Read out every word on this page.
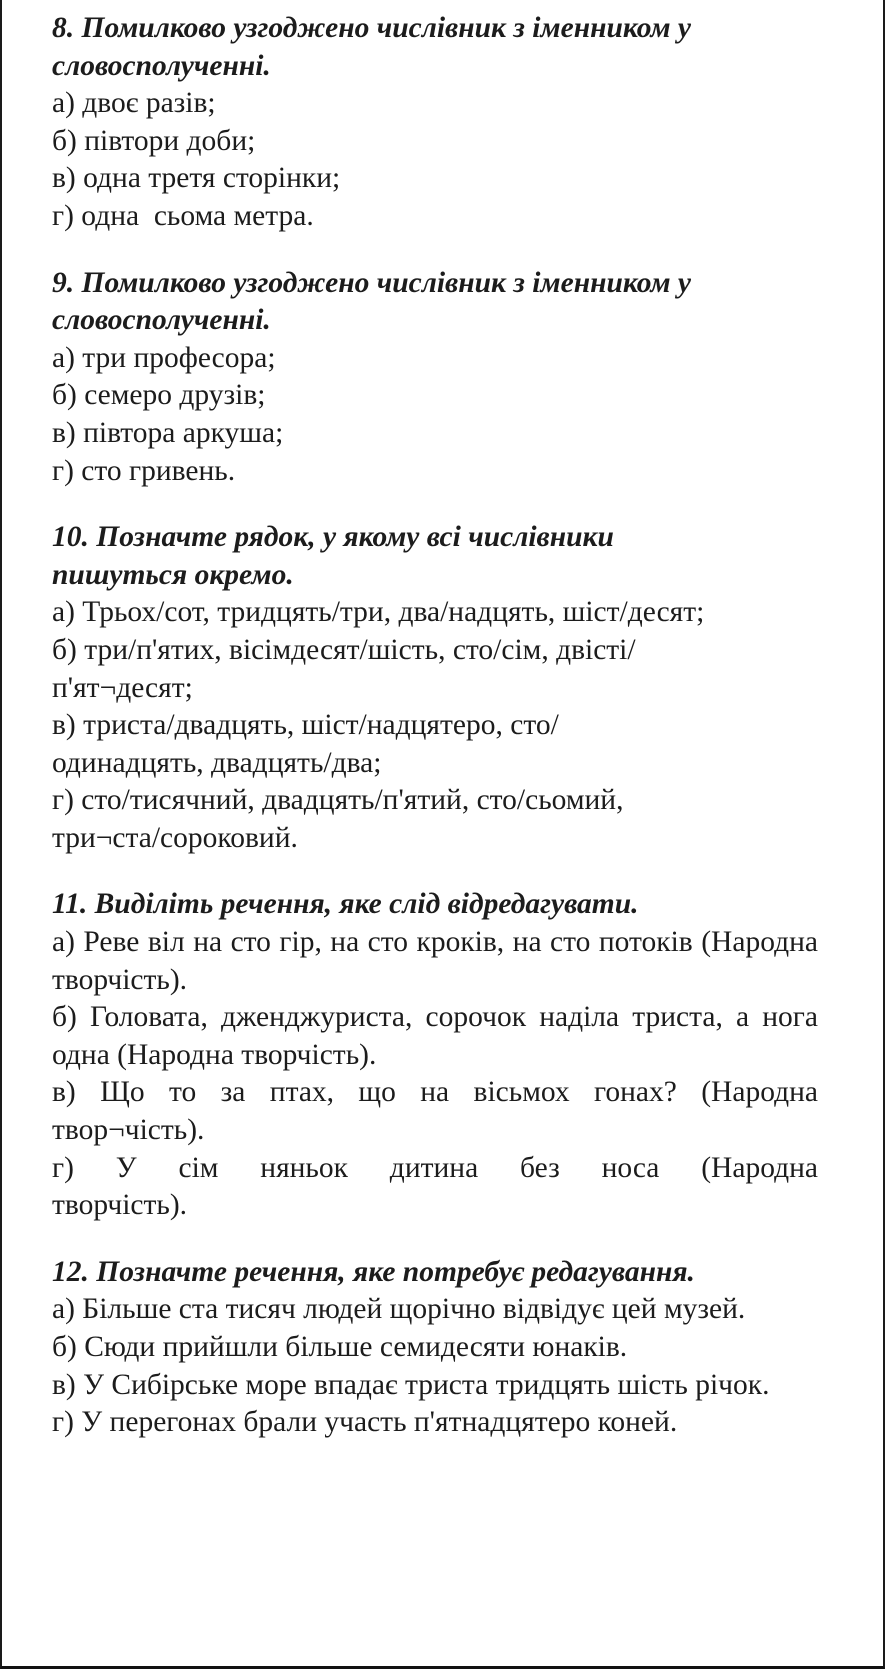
8. Помилково узгоджено числівник з іменником у словосполученні.

а) двоє разів;

б) півтори доби;

в) одна третя сторінки;

г) одна  сьома метра.

9. Помилково узгоджено числівник з іменником у словосполученні.

а) три професора;

б) семеро друзів;

в) півтора аркуша;

г) сто гривень.

10. Позначте рядок, у якому всі числівники пишуться окремо.

а) Трьох/сот, тридцять/три, два/надцять, шіст/десят;

б) три/п'ятих, вісімдесят/шість, сто/сім, двісті/ п'ят¬десят;

в) триста/двадцять, шіст/надцятеро, сто/ одинадцять, двадцять/два;

г) сто/тисячний, двадцять/п'ятий, сто/сьомий, три¬ста/сороковий.

11. Виділіть речення, яке слід відредагувати.

а) Реве віл на сто гір, на сто кроків, на сто потоків (Народна творчість).

б) Головата, дженджуриста, сорочок наділа триста, а нога одна (Народна творчість).

в) Що то за птах, що на вісьмох гонах? (Народна твор¬чість).

г) У сім няньок дитина без носа (Народна творчість).

12. Позначте речення, яке потребує редагування.

а) Більше ста тисяч людей щорічно відвідує цей музей.

б) Сюди прийшли більше семидесяти юнаків.

в) У Сибірське море впадає триста тридцять шість річок.

г) У перегонах брали участь п'ятнадцятеро коней.
